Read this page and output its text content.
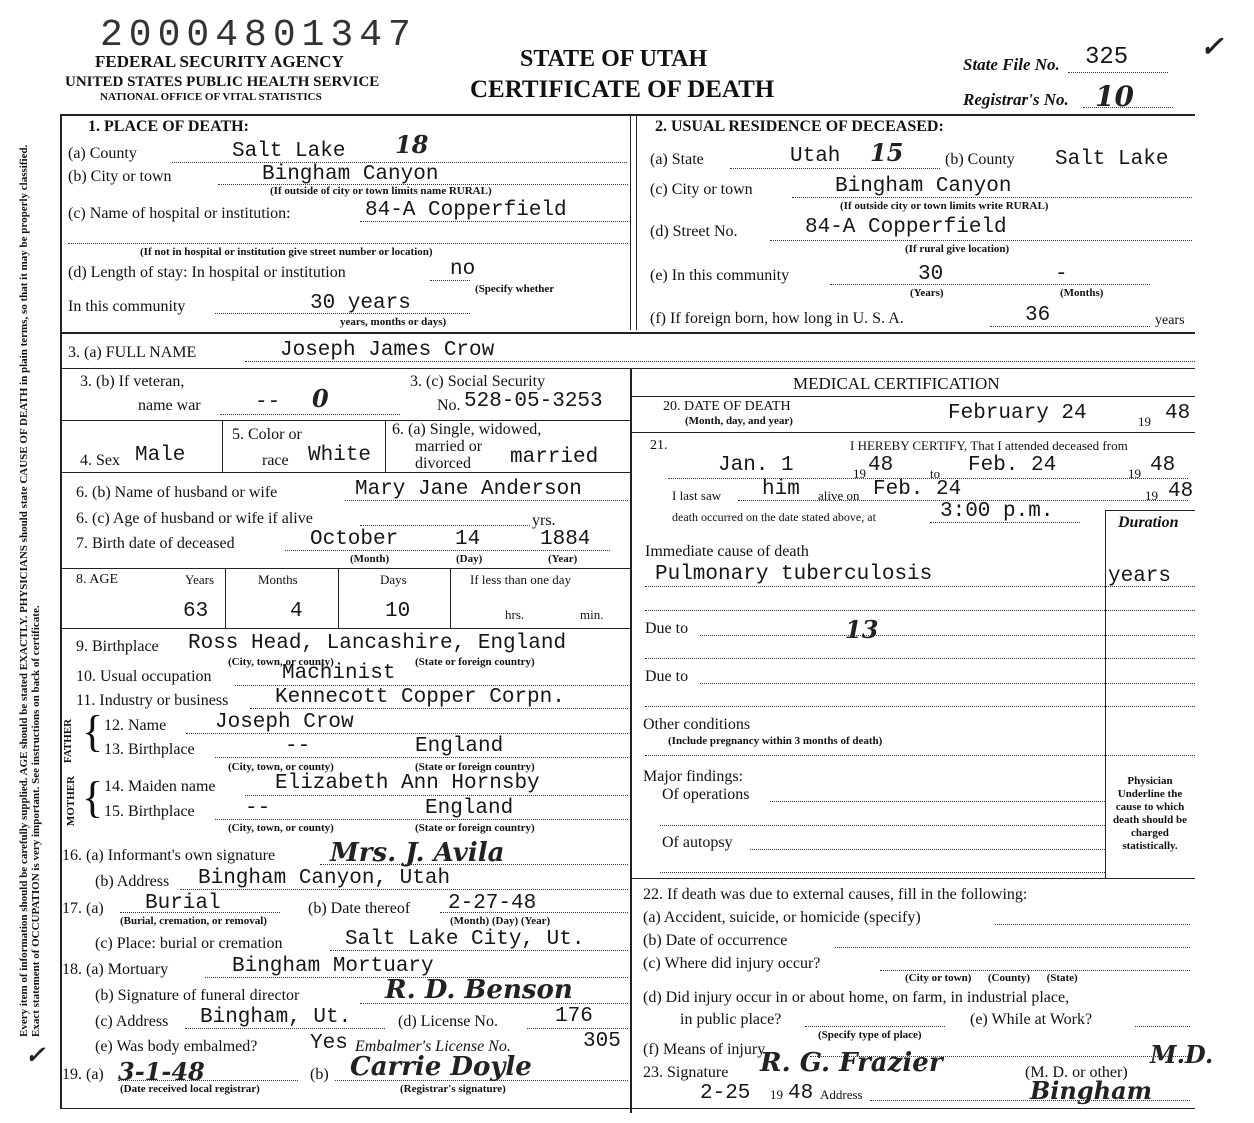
20004801347
FEDERAL SECURITY AGENCY
UNITED STATES PUBLIC HEALTH SERVICE
NATIONAL OFFICE OF VITAL STATISTICS
STATE OF UTAH
CERTIFICATE OF DEATH
State File No. 325
Registrar's No. 10
✓
Every item of information should be carefully supplied. AGE should be stated EXACTLY. PHYSICIANS should state CAUSE OF DEATH in plain terms, so that it may be properly classified. Exact statement of OCCUPATION is very important. See instructions on back of certificate.
1. PLACE OF DEATH:
(a) County	Salt Lake 18
(b) City or town	Bingham Canyon
(If outside of city or town limits name RURAL)
(c) Name of hospital or institution:	84-A Copperfield
(If not in hospital or institution give street number or location)
(d) Length of stay: In hospital or institution	no
(Specify whether
In this community	30 years
years, months or days)
2. USUAL RESIDENCE OF DECEASED:
(a) State	Utah 15	(b) County Salt Lake
(c) City or town	Bingham Canyon
(If outside city or town limits write RURAL)
(d) Street No.	84-A Copperfield
(If rural give location)
(e) In this community	30	-
(Years)	(Months)
(f) If foreign born, how long in U. S. A.	36	years
3. (a) FULL NAME	Joseph James Crow
3. (b) If veteran,
name war	-- 0
3. (c) Social Security
No. 528-05-3253
4. Sex Male
5. Color or
race White
6. (a) Single, widowed,
married or
divorced married
6. (b) Name of husband or wife	Mary Jane Anderson
6. (c) Age of husband or wife if alive	yrs.
7. Birth date of deceased	October	14	1884
(Month)	(Day)	(Year)
8. AGE	Years	Months	Days	If less than one day
63	4	10	hrs.	min.
9. Birthplace Ross Head, Lancashire, England
(City, town, or county)	(State or foreign country)
10. Usual occupation	Machinist
11. Industry or business Kennecott Copper Corpn.
FATHER
MOTHER
{
{
12. Name Joseph Crow
13. Birthplace	--	England
(City, town, or county)	(State or foreign country)
14. Maiden name	Elizabeth Ann Hornsby
15. Birthplace --	England
(City, town, or county)	(State or foreign country)
16. (a) Informant's own signature Mrs. J. Avila
(b) Address Bingham Canyon, Utah
17. (a) Burial
(Burial, cremation, or removal)
(b) Date thereof 2-27-48
(Month) (Day) (Year)
(c) Place: burial or cremation	Salt Lake City, Ut.
18. (a) Mortuary	Bingham Mortuary
(b) Signature of funeral director	R. D. Benson
(c) Address Bingham, Ut.	(d) License No.	176
(e) Was body embalmed?	Yes Embalmer's License No.	305
19. (a) 3-1-48
(Date received local registrar)
(b) Carrie Doyle
(Registrar's signature)
✓
MEDICAL CERTIFICATION
20. DATE OF DEATH
(Month, day, and year)	February 24	19 48
21.	I HEREBY CERTIFY, That I attended deceased from
Jan. 1	19 48	to Feb. 24	19 48
I last saw him alive on Feb. 24	19 48
death occurred on the date stated above, at	3:00 p.m.	Duration
Immediate cause of death
Pulmonary tuberculosis	years
Due to	13
Due to
Other conditions
(Include pregnancy within 3 months of death)
Major findings:
Of operations
Of autopsy
Physician Underline the cause to which death should be charged statistically.
22. If death was due to external causes, fill in the following:
(a) Accident, suicide, or homicide (specify)
(b) Date of occurrence
(c) Where did injury occur?
(City or town)      (County)      (State)
(d) Did injury occur in or about home, on farm, in industrial place,
in public place?
(Specify type of place)
(e) While at Work?
(f) Means of injury
23. Signature R. G. Frazier	(M. D. or other)
M.D.
2-25 19 48 Address	Bingham
